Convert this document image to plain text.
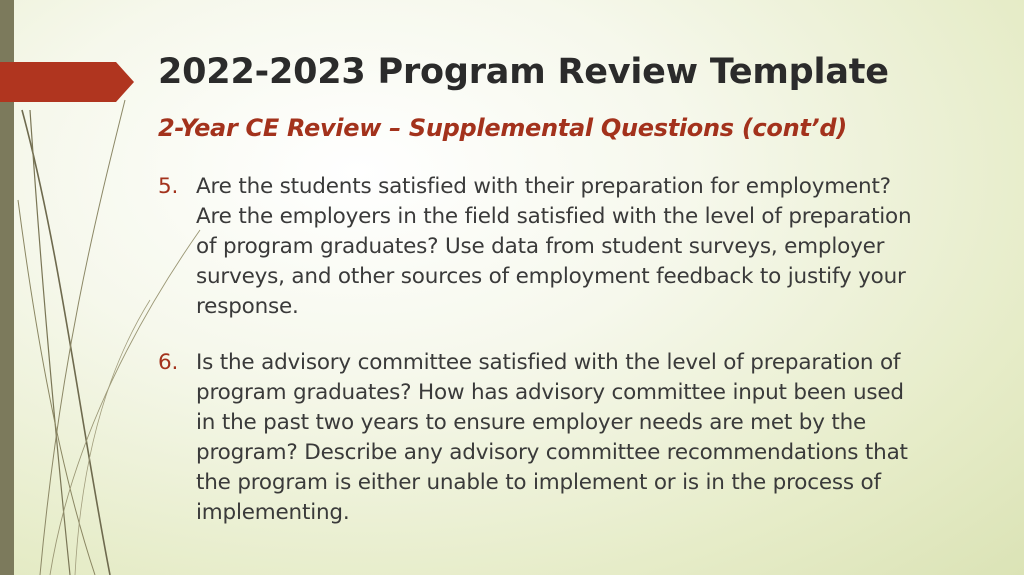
2022-2023 Program Review Template
2-Year CE Review – Supplemental Questions (cont’d)
5. Are the students satisfied with their preparation for employment?
Are the employers in the field satisfied with the level of preparation
of program graduates? Use data from student surveys, employer
surveys, and other sources of employment feedback to justify your
response.
6. Is the advisory committee satisfied with the level of preparation of
program graduates? How has advisory committee input been used
in the past two years to ensure employer needs are met by the
program? Describe any advisory committee recommendations that
the program is either unable to implement or is in the process of
implementing.
